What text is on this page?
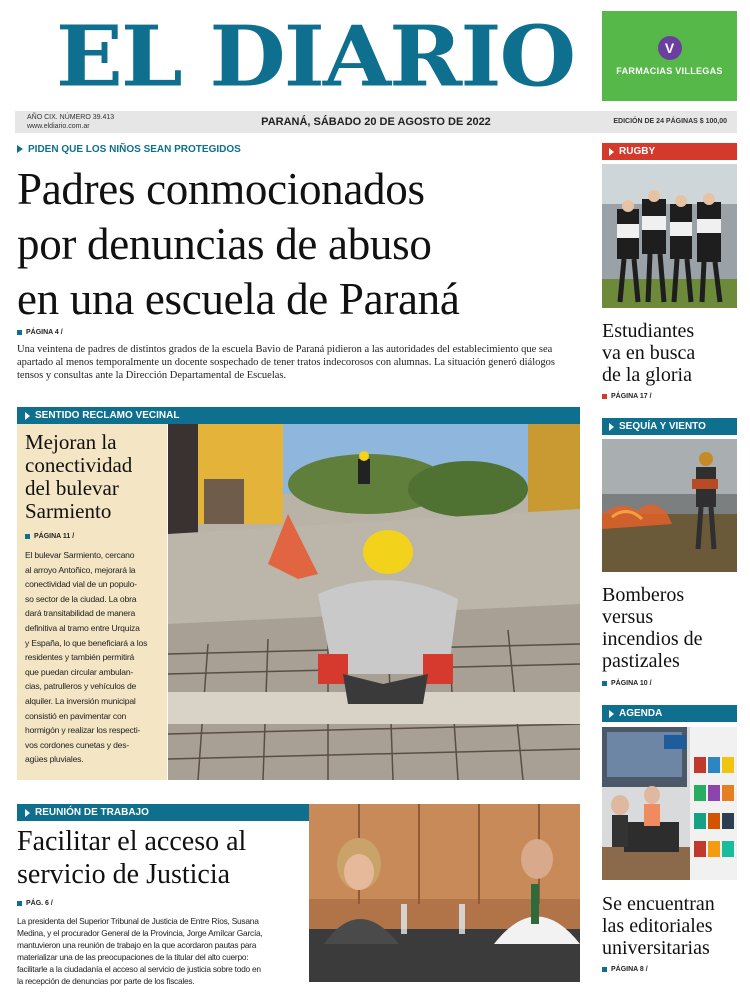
EL DIARIO	V
FARMACIAS VILLEGAS
AÑO CIX. NÚMERO 39.413
www.eldiario.com.ar	PARANÁ, SÁBADO 20 DE AGOSTO DE 2022	EDICIÓN DE 24 PÁGINAS $ 100,00
PIDEN QUE LOS NIÑOS SEAN PROTEGIDOS
Padres conmocionados
por denuncias de abuso
en una escuela de Paraná
PÁGINA 4 /
Una veintena de padres de distintos grados de la escuela Bavio de Paraná pidieron a las autoridades del establecimiento que sea apartado al menos temporalmente un docente sospechado de tener tratos indecorosos con alumnas. La situación generó diálogos tensos y consultas ante la Dirección Departamental de Escuelas.
SENTIDO RECLAMO VECINAL
Mejoran la
conectividad
del bulevar
Sarmiento
PÁGINA 11 /
El bulevar Sarmiento, cercano
al arroyo Antoñico, mejorará la
conectividad vial de un populo-
so sector de la ciudad. La obra
dará transitabilidad de manera
definitiva al tramo entre Urquiza
y España, lo que beneficiará a los
residentes y también permitirá
que puedan circular ambulan-
cias, patrulleros y vehículos de
alquiler. La inversión municipal
consistió en pavimentar con
hormigón y realizar los respecti-
vos cordones cunetas y des-
agües pluviales.
REUNIÓN DE TRABAJO
Facilitar el acceso al
servicio de Justicia
PÁG. 6 /
La presidenta del Superior Tribunal de Justicia de Entre Ríos, Susana
Medina, y el procurador General de la Provincia, Jorge Amílcar García,
mantuvieron una reunión de trabajo en la que acordaron pautas para
materializar una de las preocupaciones de la titular del alto cuerpo:
facilitarle a la ciudadanía el acceso al servicio de justicia sobre todo en
la recepción de denuncias por parte de los fiscales.
RUGBY
Estudiantes
va en busca
de la gloria
PÁGINA 17 /
SEQUÍA Y VIENTO
Bomberos
versus
incendios de
pastizales
PÁGINA 10 /
AGENDA
Se encuentran
las editoriales
universitarias
PÁGINA 8 /
